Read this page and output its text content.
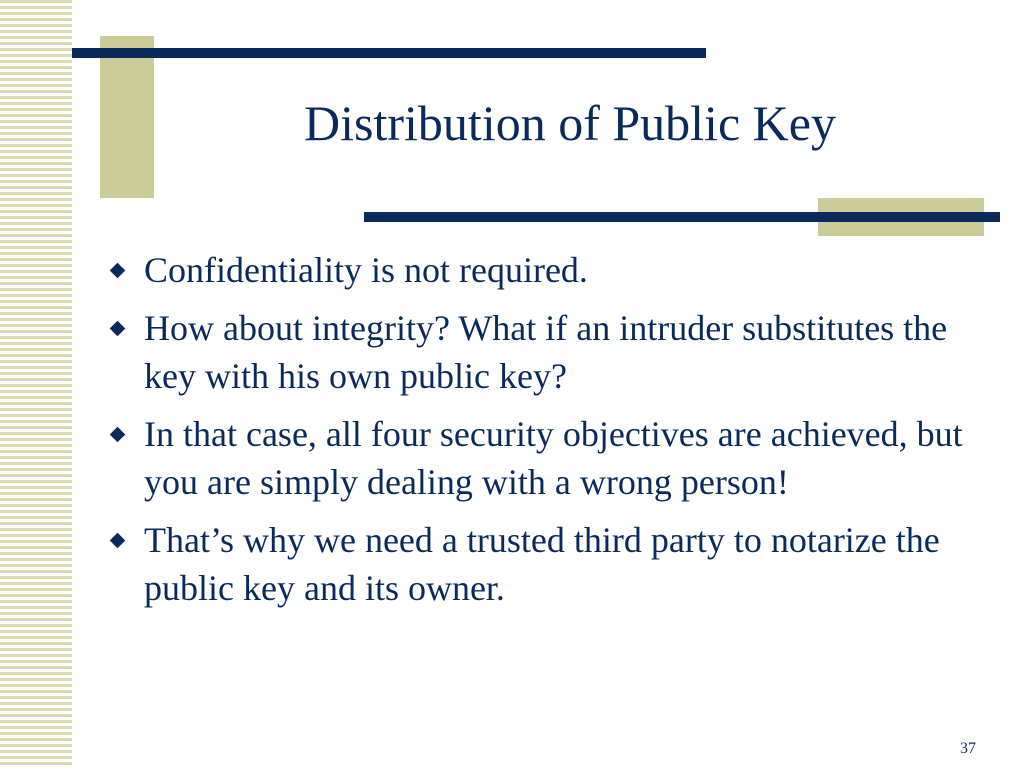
Distribution of Public Key
Confidentiality is not required.
How about integrity? What if an intruder substitutes the key with his own public key?
In that case, all four security objectives are achieved, but you are simply dealing with a wrong person!
That’s why we need a trusted third party to notarize the public key and its owner.
37
